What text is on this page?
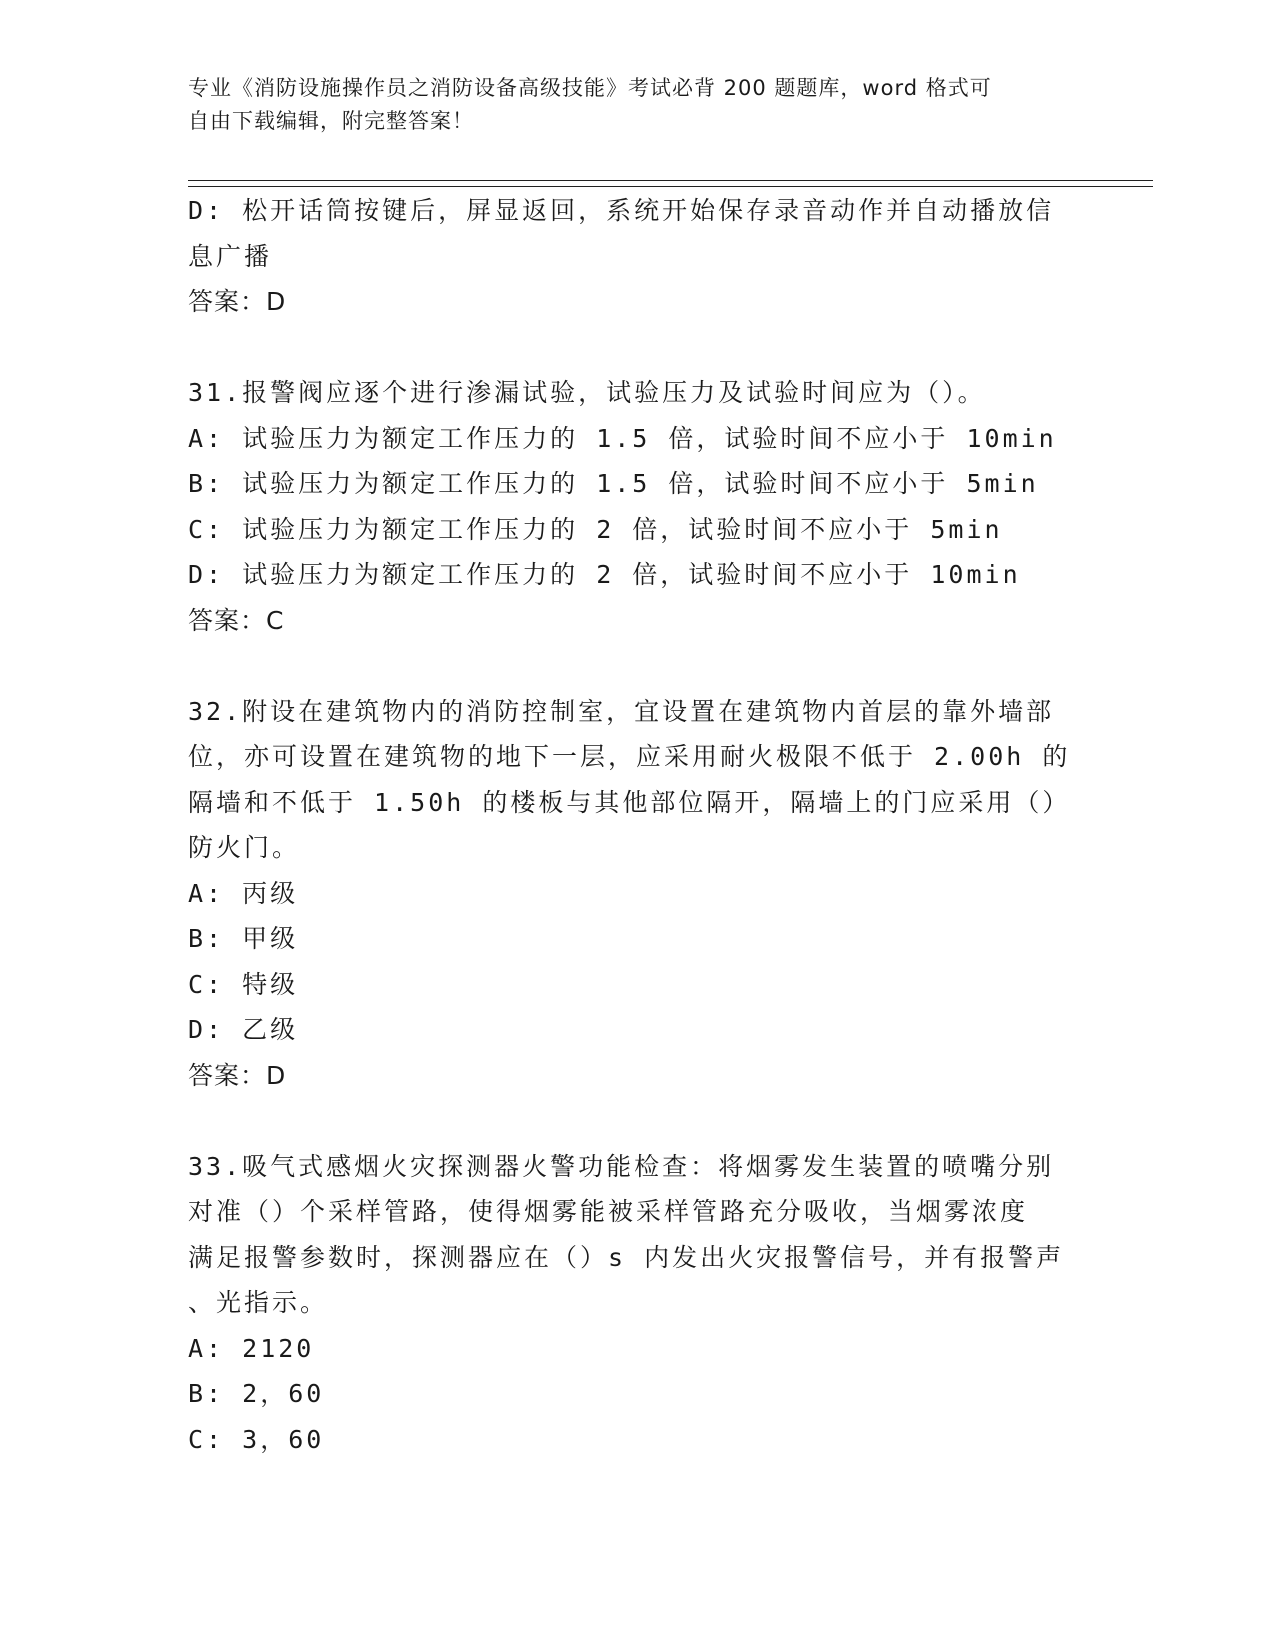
专业《消防设施操作员之消防设备高级技能》考试必背 200 题题库，word 格式可
自由下载编辑，附完整答案！
D: 松开话筒按键后，屏显返回，系统开始保存录音动作并自动播放信
息广播
答案：D
31.报警阀应逐个进行渗漏试验，试验压力及试验时间应为（）。
A: 试验压力为额定工作压力的 1.5 倍，试验时间不应小于 10min
B: 试验压力为额定工作压力的 1.5 倍，试验时间不应小于 5min
C: 试验压力为额定工作压力的 2 倍，试验时间不应小于 5min
D: 试验压力为额定工作压力的 2 倍，试验时间不应小于 10min
答案：C
32.附设在建筑物内的消防控制室，宜设置在建筑物内首层的靠外墙部
位，亦可设置在建筑物的地下一层，应采用耐火极限不低于 2.00h 的
隔墙和不低于 1.50h 的楼板与其他部位隔开，隔墙上的门应采用（）
防火门。
A: 丙级
B: 甲级
C: 特级
D: 乙级
答案：D
33.吸气式感烟火灾探测器火警功能检查：将烟雾发生装置的喷嘴分别
对准（）个采样管路，使得烟雾能被采样管路充分吸收，当烟雾浓度
满足报警参数时，探测器应在（）s 内发出火灾报警信号，并有报警声
、光指示。
A: 2120
B: 2，60
C: 3，60
